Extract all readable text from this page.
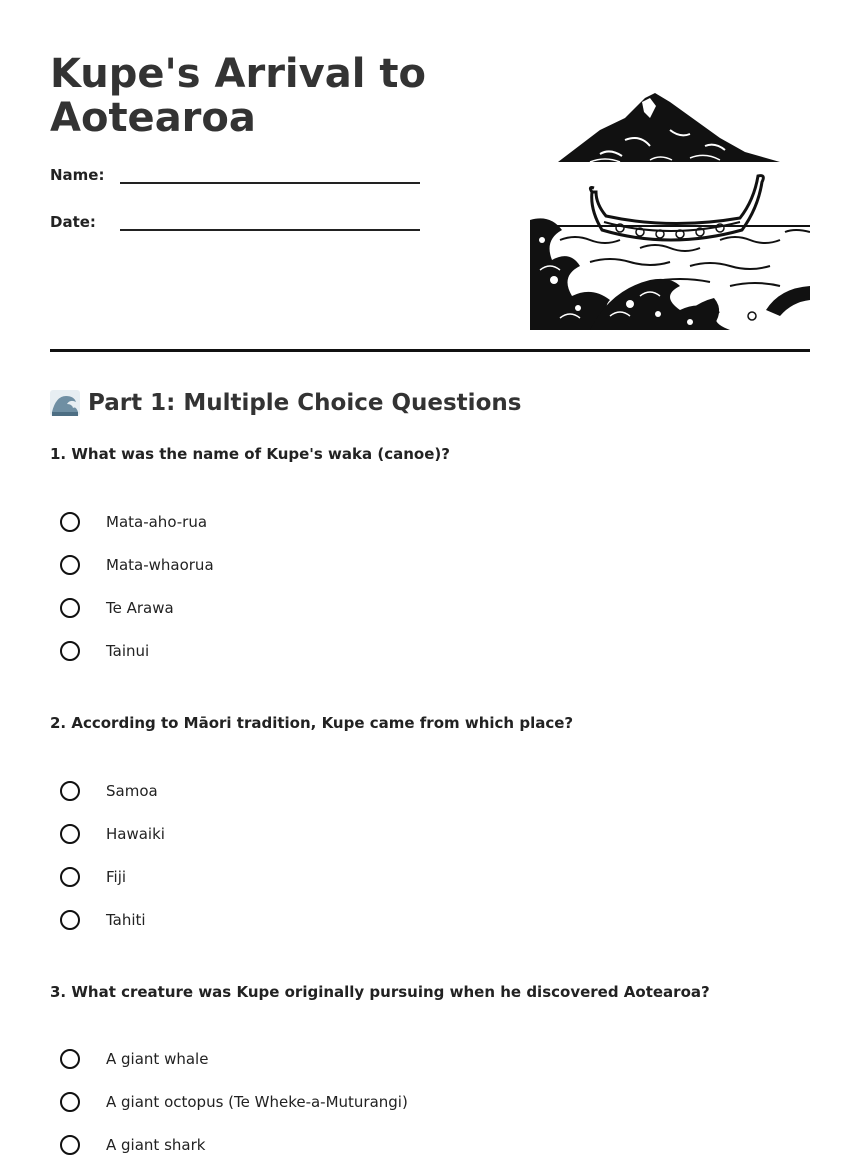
Kupe's Arrival to Aotearoa
Name:
Date:
Part 1: Multiple Choice Questions
1. What was the name of Kupe's waka (canoe)?
Mata-aho-rua
Mata-whaorua
Te Arawa
Tainui
2. According to Māori tradition, Kupe came from which place?
Samoa
Hawaiki
Fiji
Tahiti
3. What creature was Kupe originally pursuing when he discovered Aotearoa?
A giant whale
A giant octopus (Te Wheke-a-Muturangi)
A giant shark
